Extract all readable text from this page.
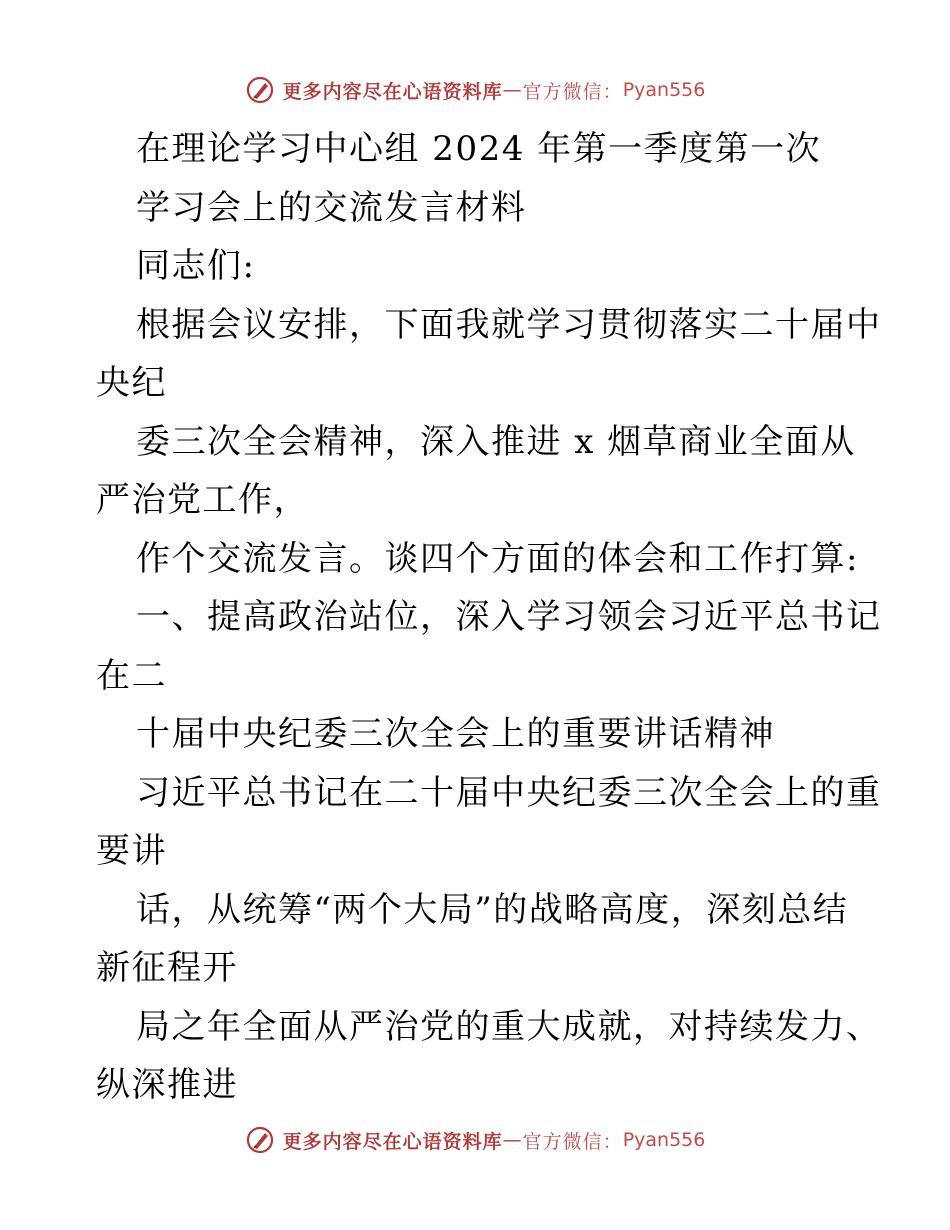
更多内容尽在心语资料库 — 官方微信： Pyan556
在理论学习中心组 2024 年第一季度第一次
学习会上的交流发言材料
同志们:
根据会议安排，下面我就学习贯彻落实二十届中
央纪
委三次全会精神，深入推进 x 烟草商业全面从
严治党工作，
作个交流发言。谈四个方面的体会和工作打算:
一、提高政治站位，深入学习领会习近平总书记
在二
十届中央纪委三次全会上的重要讲话精神
习近平总书记在二十届中央纪委三次全会上的重
要讲
话，从统筹“两个大局”的战略高度，深刻总结
新征程开
局之年全面从严治党的重大成就，对持续发力、
纵深推进
更多内容尽在心语资料库 — 官方微信： Pyan556
